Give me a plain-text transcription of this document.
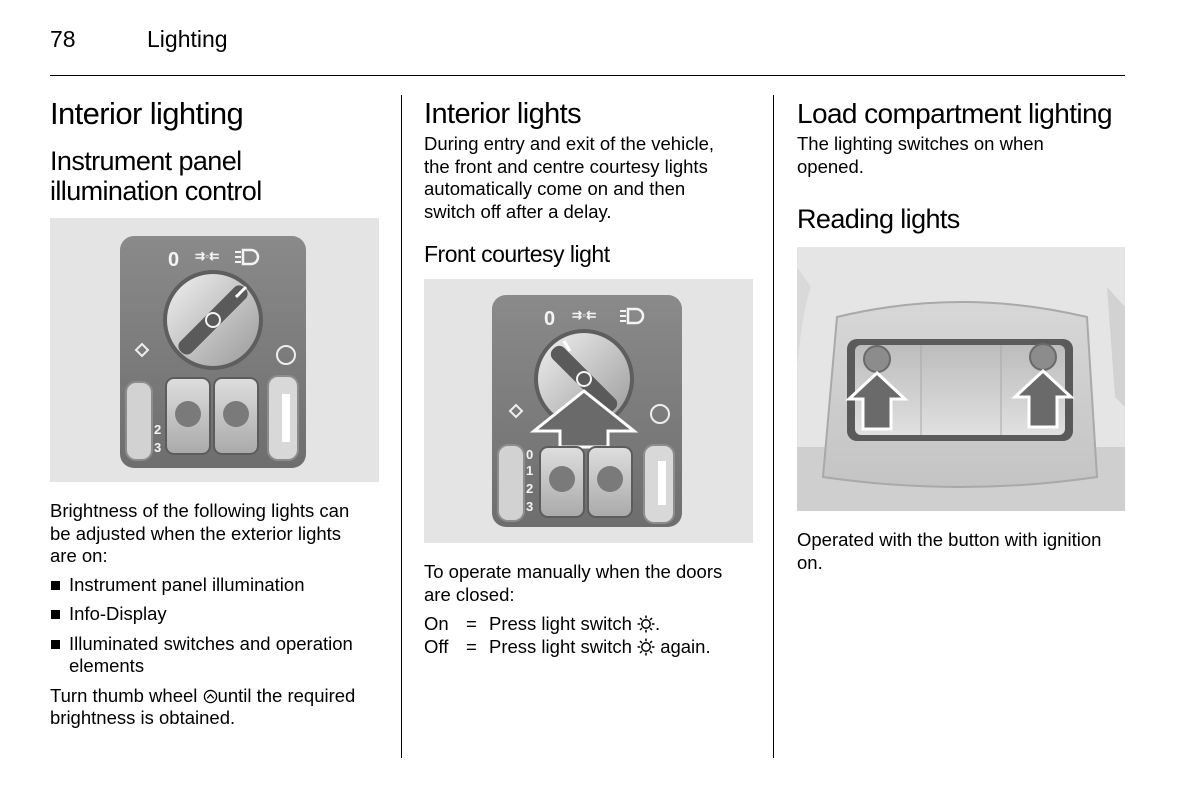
78	Lighting
Interior lighting
Instrument panel
illumination control
0 ⇉◦⇇
2
3

Brightness of the following lights can

be adjusted when the exterior lights

are on:

Instrument panel illumination
Info-Display
Illuminated switches and operation
elements

Turn thumb wheel until the required

brightness is obtained.

Interior lights

During entry and exit of the vehicle,

the front and centre courtesy lights

automatically come on and then

switch off after a delay.

Front courtesy light
0 ⇉◦⇇
0
1
2
3

To operate manually when the doors

are closed:

On = Press light switch .
Off = Press light switch again.
Load compartment lighting

The lighting switches on when

opened.

Reading lights

Operated with the button with ignition

on.
